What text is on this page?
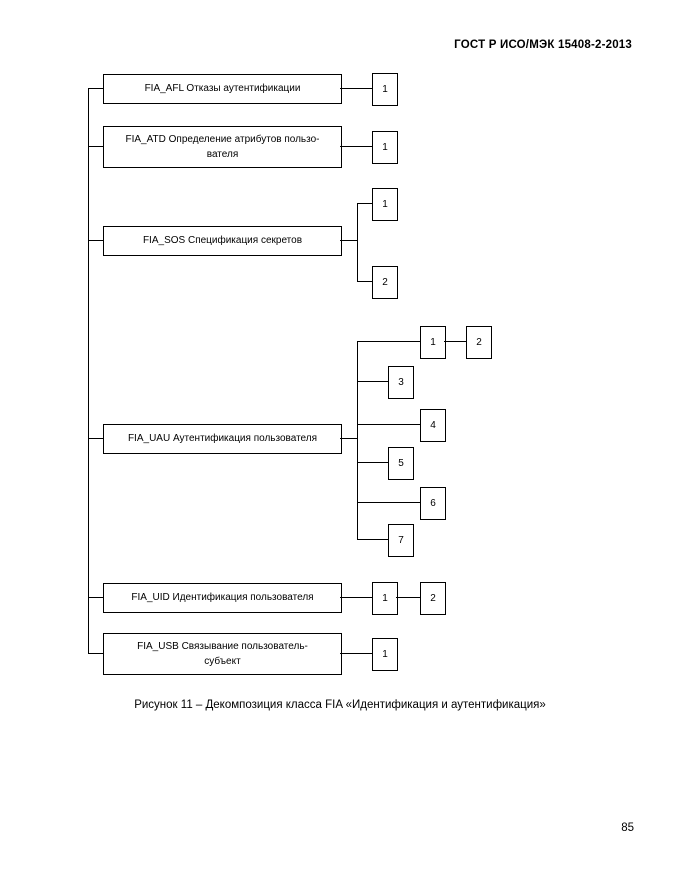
ГОСТ Р ИСО/МЭК 15408-2-2013
FIA_AFL Отказы аутентификации	1
FIA_ATD Определение атрибутов пользо-
вателя
1
FIA_SOS Спецификация секретов
1
2
FIA_UAU Аутентификация пользователя
1	2
3
4
5
6
7
FIA_UID Идентификация пользователя	1	2
FIA_USB Связывание пользователь-
субъект
1
Рисунок 11 – Декомпозиция класса FIA «Идентификация и аутентификация»
85
